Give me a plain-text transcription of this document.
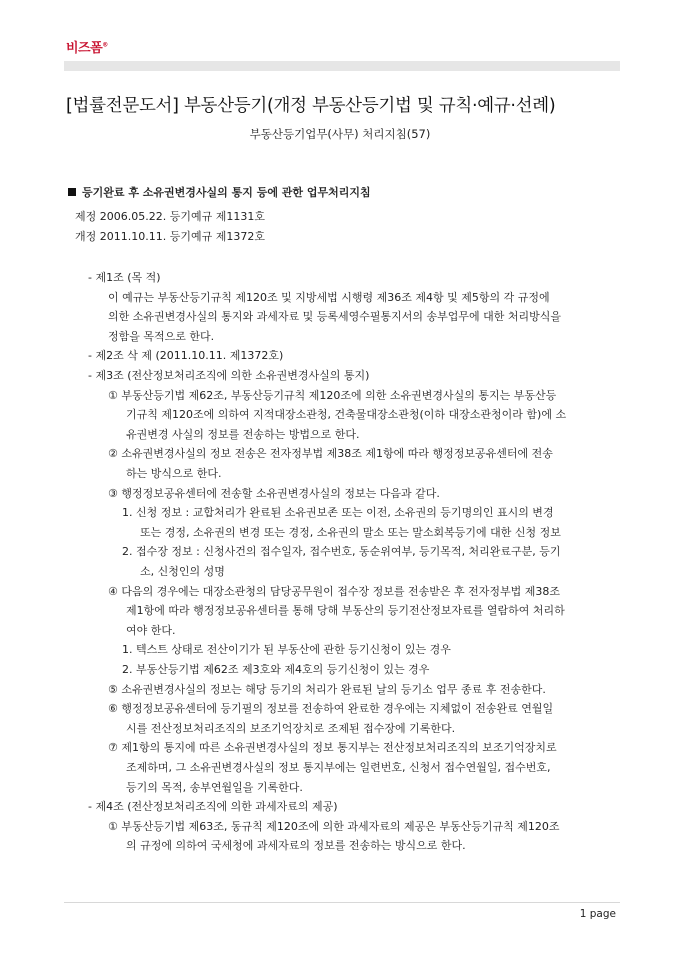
비즈폼®
[법률전문도서] 부동산등기(개정 부동산등기법 및 규칙·예규·선례)
부동산등기업무(사무) 처리지침(57)
등기완료 후 소유권변경사실의 통지 등에 관한 업무처리지침
제정 2006.05.22. 등기예규 제1131호
개정 2011.10.11. 등기예규 제1372호
- 제1조 (목 적)
이 예규는 부동산등기규칙 제120조 및 지방세법 시행령 제36조 제4항 및 제5항의 각 규정에
의한 소유권변경사실의 통지와 과세자료 및 등록세영수필통지서의 송부업무에 대한 처리방식을
정함을 목적으로 한다.
- 제2조 삭 제 (2011.10.11. 제1372호)
- 제3조 (전산정보처리조직에 의한 소유권변경사실의 통지)
① 부동산등기법 제62조, 부동산등기규칙 제120조에 의한 소유권변경사실의 통지는 부동산등
기규칙 제120조에 의하여 지적대장소관청, 건축물대장소관청(이하 대장소관청이라 함)에 소
유권변경 사실의 정보를 전송하는 방법으로 한다.
② 소유권변경사실의 정보 전송은 전자정부법 제38조 제1항에 따라 행정정보공유센터에 전송
하는 방식으로 한다.
③ 행정정보공유센터에 전송할 소유권변경사실의 정보는 다음과 같다.
1. 신청 정보 : 교합처리가 완료된 소유권보존 또는 이전, 소유권의 등기명의인 표시의 변경
또는 경정, 소유권의 변경 또는 경정, 소유권의 말소 또는 말소회복등기에 대한 신청 정보
2. 접수장 정보 : 신청사건의 접수일자, 접수번호, 동순위여부, 등기목적, 처리완료구분, 등기
소, 신청인의 성명
④ 다음의 경우에는 대장소관청의 담당공무원이 접수장 정보를 전송받은 후 전자정부법 제38조
제1항에 따라 행정정보공유센터를 통해 당해 부동산의 등기전산정보자료를 열람하여 처리하
여야 한다.
1. 텍스트 상태로 전산이기가 된 부동산에 관한 등기신청이 있는 경우
2. 부동산등기법 제62조 제3호와 제4호의 등기신청이 있는 경우
⑤ 소유권변경사실의 정보는 해당 등기의 처리가 완료된 날의 등기소 업무 종료 후 전송한다.
⑥ 행정정보공유센터에 등기필의 정보를 전송하여 완료한 경우에는 지체없이 전송완료 연월일
시를 전산정보처리조직의 보조기억장치로 조제된 접수장에 기록한다.
⑦ 제1항의 통지에 따른 소유권변경사실의 정보 통지부는 전산정보처리조직의 보조기억장치로
조제하며, 그 소유권변경사실의 정보 통지부에는 일련번호, 신청서 접수연월일, 접수번호,
등기의 목적, 송부연월일을 기록한다.
- 제4조 (전산정보처리조직에 의한 과세자료의 제공)
① 부동산등기법 제63조, 동규칙 제120조에 의한 과세자료의 제공은 부동산등기규칙 제120조
의 규정에 의하여 국세청에 과세자료의 정보를 전송하는 방식으로 한다.
1 page
